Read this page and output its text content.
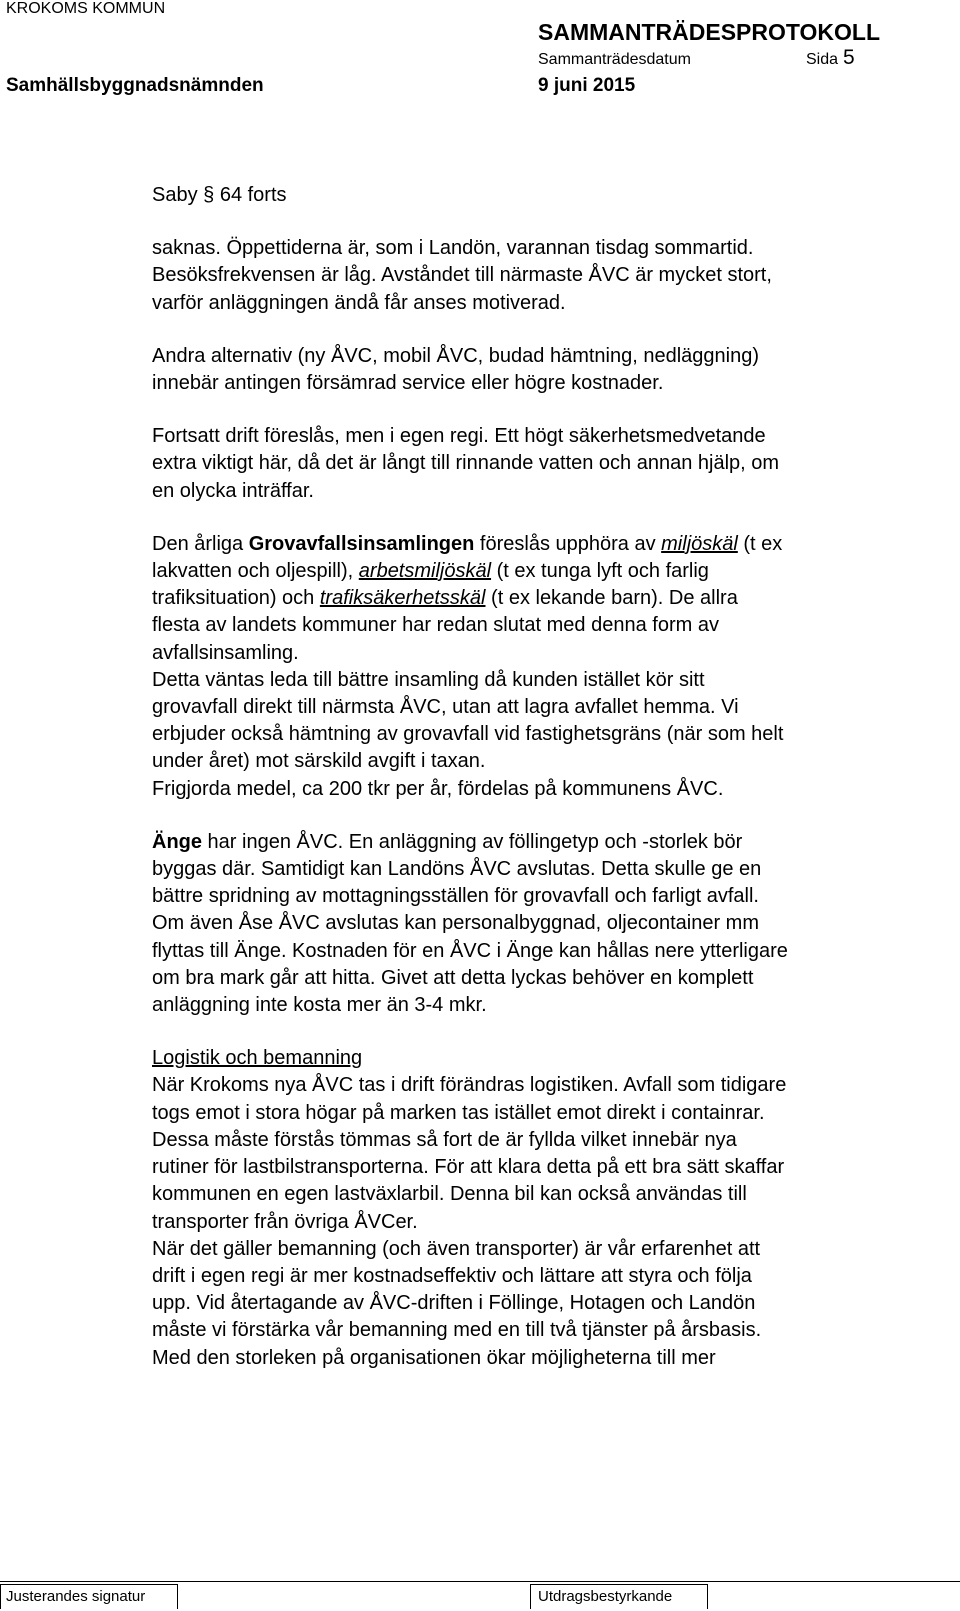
KROKOMS KOMMUN
SAMMANTRÄDESPROTOKOLL
Sammanträdesdatum	Sida 5
Samhällsbyggnadsnämnden	9 juni 2015

Saby § 64 forts

saknas. Öppettiderna är, som i Landön, varannan tisdag sommartid.
Besöksfrekvensen är låg. Avståndet till närmaste ÅVC är mycket stort,
varför anläggningen ändå får anses motiverad.

Andra alternativ (ny ÅVC, mobil ÅVC, budad hämtning, nedläggning)
innebär antingen försämrad service eller högre kostnader.

Fortsatt drift föreslås, men i egen regi. Ett högt säkerhetsmedvetande
extra viktigt här, då det är långt till rinnande vatten och annan hjälp, om
en olycka inträffar.

Den årliga Grovavfallsinsamlingen föreslås upphöra av miljöskäl (t ex
lakvatten och oljespill), arbetsmiljöskäl (t ex tunga lyft och farlig
trafiksituation) och trafiksäkerhetsskäl (t ex lekande barn). De allra
flesta av landets kommuner har redan slutat med denna form av
avfallsinsamling.

Detta väntas leda till bättre insamling då kunden istället kör sitt
grovavfall direkt till närmsta ÅVC, utan att lagra avfallet hemma. Vi
erbjuder också hämtning av grovavfall vid fastighetsgräns (när som helt
under året) mot särskild avgift i taxan.

Frigjorda medel, ca 200 tkr per år, fördelas på kommunens ÅVC.

Änge har ingen ÅVC. En anläggning av föllingetyp och -storlek bör
byggas där. Samtidigt kan Landöns ÅVC avslutas. Detta skulle ge en
bättre spridning av mottagningsställen för grovavfall och farligt avfall.
Om även Åse ÅVC avslutas kan personalbyggnad, oljecontainer mm
flyttas till Änge. Kostnaden för en ÅVC i Änge kan hållas nere ytterligare
om bra mark går att hitta. Givet att detta lyckas behöver en komplett
anläggning inte kosta mer än 3-4 mkr.

Logistik och bemanning
När Krokoms nya ÅVC tas i drift förändras logistiken. Avfall som tidigare
togs emot i stora högar på marken tas istället emot direkt i containrar.
Dessa måste förstås tömmas så fort de är fyllda vilket innebär nya
rutiner för lastbilstransporterna. För att klara detta på ett bra sätt skaffar
kommunen en egen lastväxlarbil. Denna bil kan också användas till
transporter från övriga ÅVCer.

När det gäller bemanning (och även transporter) är vår erfarenhet att
drift i egen regi är mer kostnadseffektiv och lättare att styra och följa
upp. Vid återtagande av ÅVC-driften i Föllinge, Hotagen och Landön
måste vi förstärka vår bemanning med en till två tjänster på årsbasis.
Med den storleken på organisationen ökar möjligheterna till mer

Justerandes signatur	Utdragsbestyrkande
